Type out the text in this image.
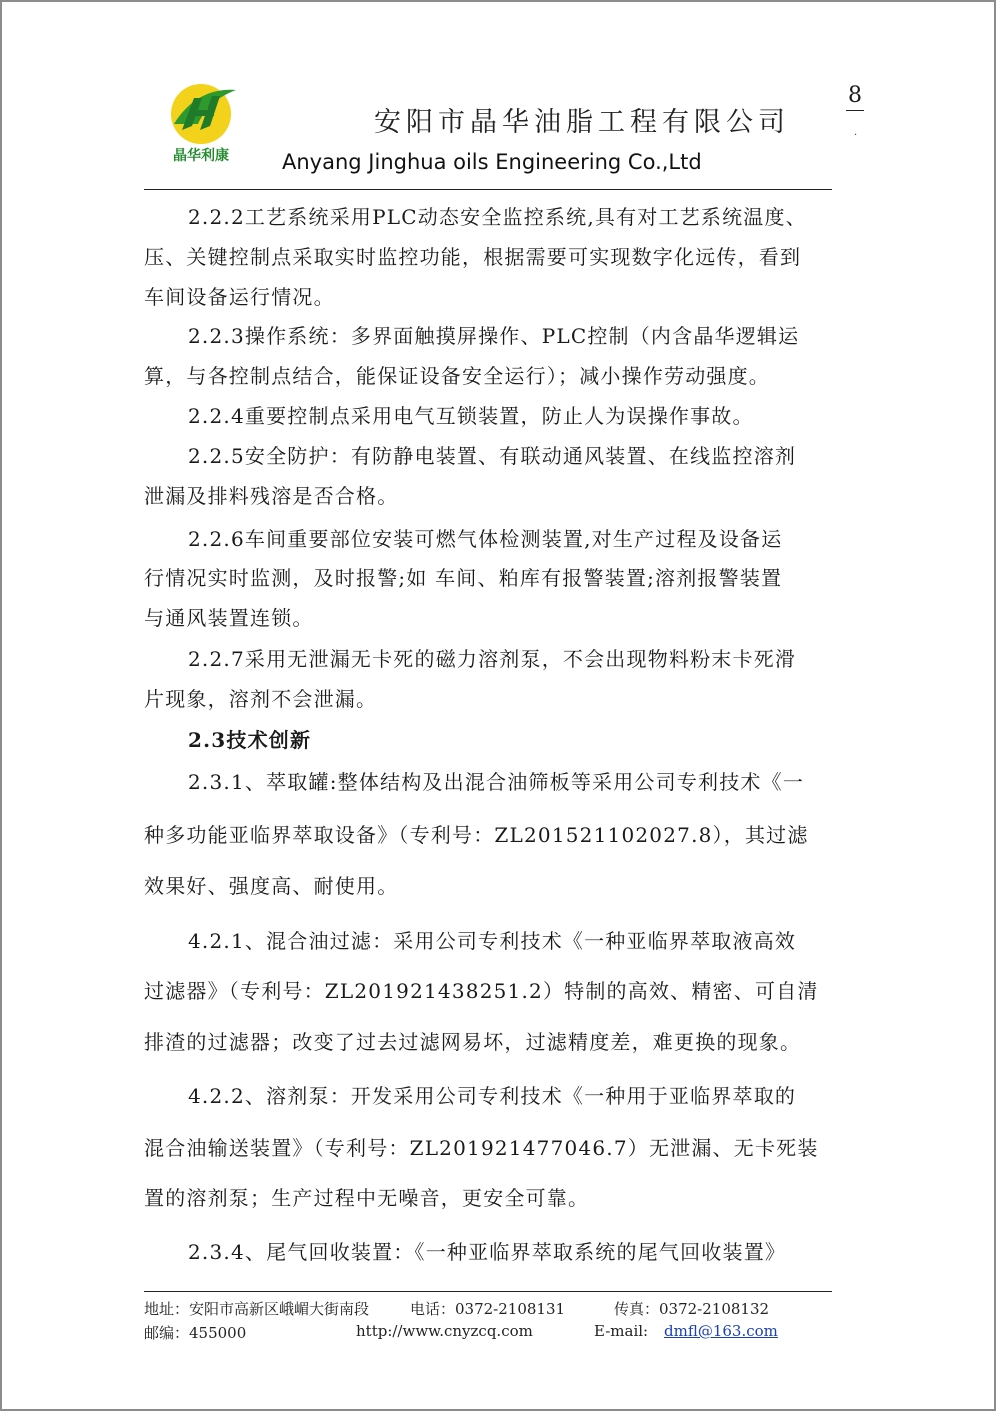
晶华利康
安阳市晶华油脂工程有限公司
Anyang Jinghua oils Engineering Co.,Ltd
8
·
2.2.2工艺系统采用PLC动态安全监控系统,具有对工艺系统温度、
压、关键控制点采取实时监控功能，根据需要可实现数字化远传，看到
车间设备运行情况。
2.2.3操作系统：多界面触摸屏操作、PLC控制（内含晶华逻辑运
算，与各控制点结合，能保证设备安全运行）；减小操作劳动强度。
2.2.4重要控制点采用电气互锁装置，防止人为误操作事故。
2.2.5安全防护：有防静电装置、有联动通风装置、在线监控溶剂
泄漏及排料残溶是否合格。
2.2.6车间重要部位安装可燃气体检测装置,对生产过程及设备运
行情况实时监测，及时报警;如 车间、粕库有报警装置;溶剂报警装置
与通风装置连锁。
2.2.7采用无泄漏无卡死的磁力溶剂泵，不会出现物料粉末卡死滑
片现象，溶剂不会泄漏。
2.3技术创新
2.3.1、萃取罐:整体结构及出混合油筛板等采用公司专利技术《一
种多功能亚临界萃取设备》（专利号：ZL201521102027.8），其过滤
效果好、强度高、耐使用。
4.2.1、混合油过滤：采用公司专利技术《一种亚临界萃取液高效
过滤器》（专利号：ZL201921438251.2）特制的高效、精密、可自清
排渣的过滤器；改变了过去过滤网易坏，过滤精度差，难更换的现象。
4.2.2、溶剂泵：开发采用公司专利技术《一种用于亚临界萃取的
混合油输送装置》（专利号：ZL201921477046.7）无泄漏、无卡死装
置的溶剂泵；生产过程中无噪音，更安全可靠。
2.3.4、尾气回收装置：《一种亚临界萃取系统的尾气回收装置》
地址：安阳市高新区峨嵋大街南段	电话：0372-2108131	传真：0372-2108132
邮编：455000	http://www.cnyzcq.com	E-mail: dmfl@163.com
